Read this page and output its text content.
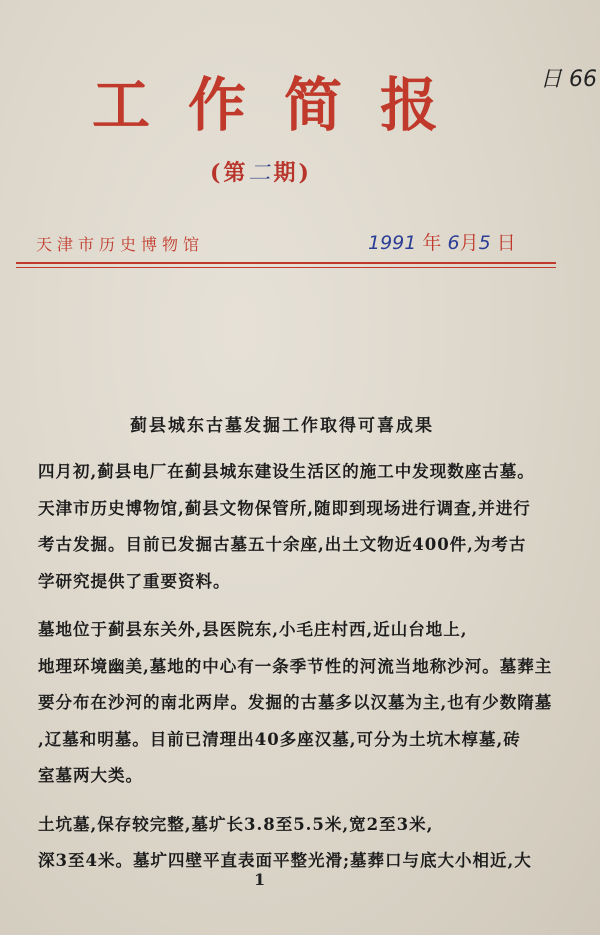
日 66
工作简报
(第二期)
天津市历史博物馆	1991 年 6月5 日
蓟县城东古墓发掘工作取得可喜成果
四月初,蓟县电厂在蓟县城东建设生活区的施工中发现数座古墓。
天津市历史博物馆,蓟县文物保管所,随即到现场进行调查,并进行
考古发掘。目前已发掘古墓五十余座,出土文物近400件,为考古
学研究提供了重要资料。
墓地位于蓟县东关外,县医院东,小毛庄村西,近山台地上,
地理环境幽美,墓地的中心有一条季节性的河流当地称沙河。墓葬主
要分布在沙河的南北两岸。发掘的古墓多以汉墓为主,也有少数隋墓
,辽墓和明墓。目前已清理出40多座汉墓,可分为土坑木椁墓,砖
室墓两大类。
土坑墓,保存较完整,墓圹长3.8至5.5米,宽2至3米,
深3至4米。墓圹四壁平直表面平整光滑;墓葬口与底大小相近,大
1
